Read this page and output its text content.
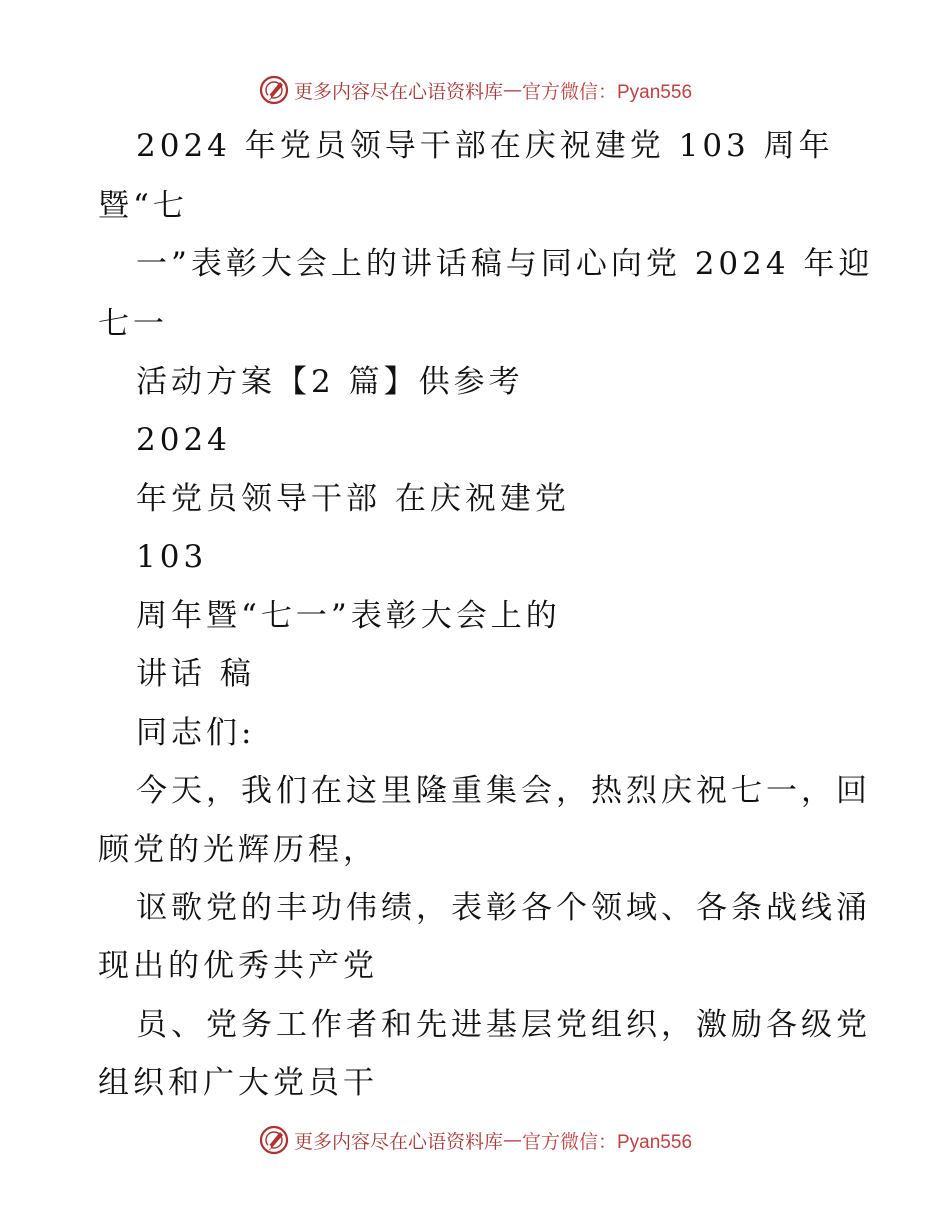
更多内容尽在心语资料库 — 官方微信：Pyan556
2024 年党员领导干部在庆祝建党 103 周年
暨“七
一”表彰大会上的讲话稿与同心向党 2024 年迎
七一
活动方案【2 篇】供参考
2024
年党员领导干部 在庆祝建党
103
周年暨“七一”表彰大会上的
讲话 稿
同志们:
今天，我们在这里隆重集会，热烈庆祝七一，回
顾党的光辉历程，
讴歌党的丰功伟绩，表彰各个领域、各条战线涌
现出的优秀共产党
员、党务工作者和先进基层党组织，激励各级党
组织和广大党员干
更多内容尽在心语资料库 — 官方微信：Pyan556
